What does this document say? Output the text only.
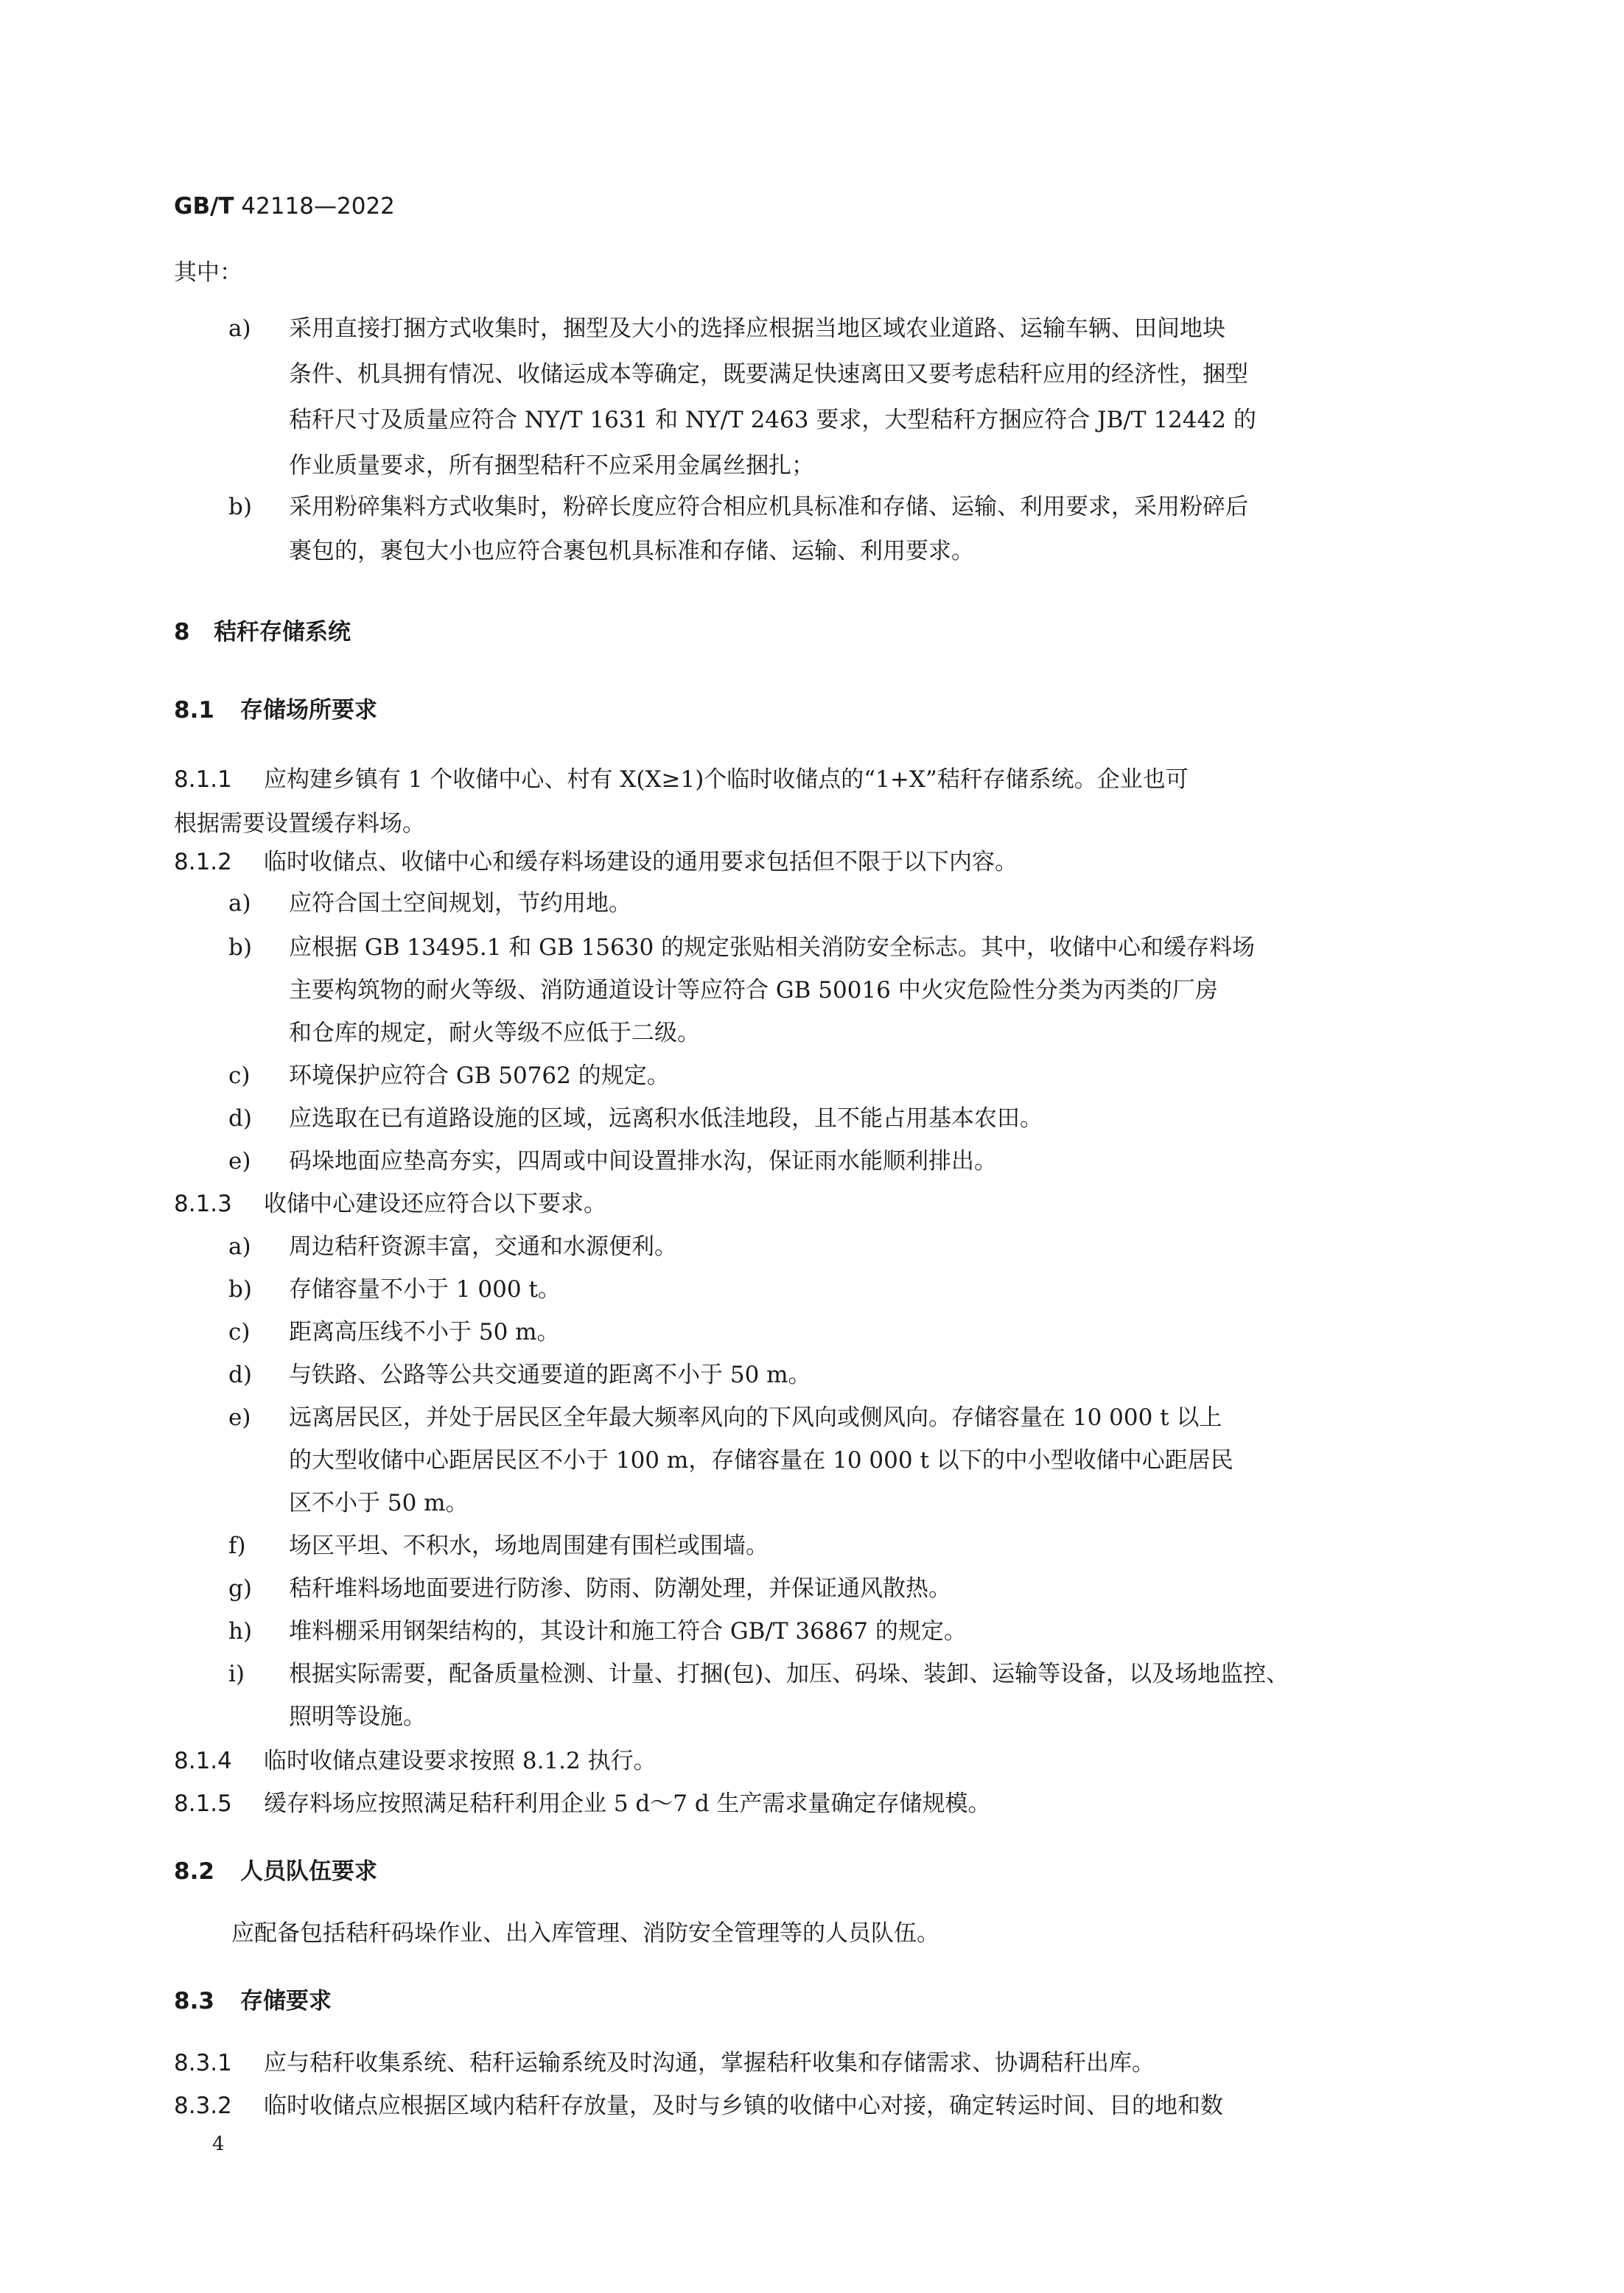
GB/T 42118—2022
其中：
a) 采用直接打捆方式收集时，捆型及大小的选择应根据当地区域农业道路、运输车辆、田间地块
条件、机具拥有情况、收储运成本等确定，既要满足快速离田又要考虑秸秆应用的经济性，捆型
秸秆尺寸及质量应符合 NY/T 1631 和 NY/T 2463 要求，大型秸秆方捆应符合 JB/T 12442 的
作业质量要求，所有捆型秸秆不应采用金属丝捆扎；
b) 采用粉碎集料方式收集时，粉碎长度应符合相应机具标准和存储、运输、利用要求，采用粉碎后
裹包的，裹包大小也应符合裹包机具标准和存储、运输、利用要求。
8 秸秆存储系统
8.1 存储场所要求
8.1.1 应构建乡镇有 1 个收储中心、村有 X(X≥1)个临时收储点的“1+X”秸秆存储系统。企业也可
根据需要设置缓存料场。
8.1.2 临时收储点、收储中心和缓存料场建设的通用要求包括但不限于以下内容。
a) 应符合国土空间规划，节约用地。
b) 应根据 GB 13495.1 和 GB 15630 的规定张贴相关消防安全标志。其中，收储中心和缓存料场
主要构筑物的耐火等级、消防通道设计等应符合 GB 50016 中火灾危险性分类为丙类的厂房
和仓库的规定，耐火等级不应低于二级。
c) 环境保护应符合 GB 50762 的规定。
d) 应选取在已有道路设施的区域，远离积水低洼地段，且不能占用基本农田。
e) 码垛地面应垫高夯实，四周或中间设置排水沟，保证雨水能顺利排出。
8.1.3 收储中心建设还应符合以下要求。
a) 周边秸秆资源丰富，交通和水源便利。
b) 存储容量不小于 1 000 t。
c) 距离高压线不小于 50 m。
d) 与铁路、公路等公共交通要道的距离不小于 50 m。
e) 远离居民区，并处于居民区全年最大频率风向的下风向或侧风向。存储容量在 10 000 t 以上
的大型收储中心距居民区不小于 100 m，存储容量在 10 000 t 以下的中小型收储中心距居民
区不小于 50 m。
f) 场区平坦、不积水，场地周围建有围栏或围墙。
g) 秸秆堆料场地面要进行防渗、防雨、防潮处理，并保证通风散热。
h) 堆料棚采用钢架结构的，其设计和施工符合 GB/T 36867 的规定。
i) 根据实际需要，配备质量检测、计量、打捆(包)、加压、码垛、装卸、运输等设备，以及场地监控、
照明等设施。
8.1.4 临时收储点建设要求按照 8.1.2 执行。
8.1.5 缓存料场应按照满足秸秆利用企业 5 d～7 d 生产需求量确定存储规模。
8.2 人员队伍要求
应配备包括秸秆码垛作业、出入库管理、消防安全管理等的人员队伍。
8.3 存储要求
8.3.1 应与秸秆收集系统、秸秆运输系统及时沟通，掌握秸秆收集和存储需求、协调秸秆出库。
8.3.2 临时收储点应根据区域内秸秆存放量，及时与乡镇的收储中心对接，确定转运时间、目的地和数
4
